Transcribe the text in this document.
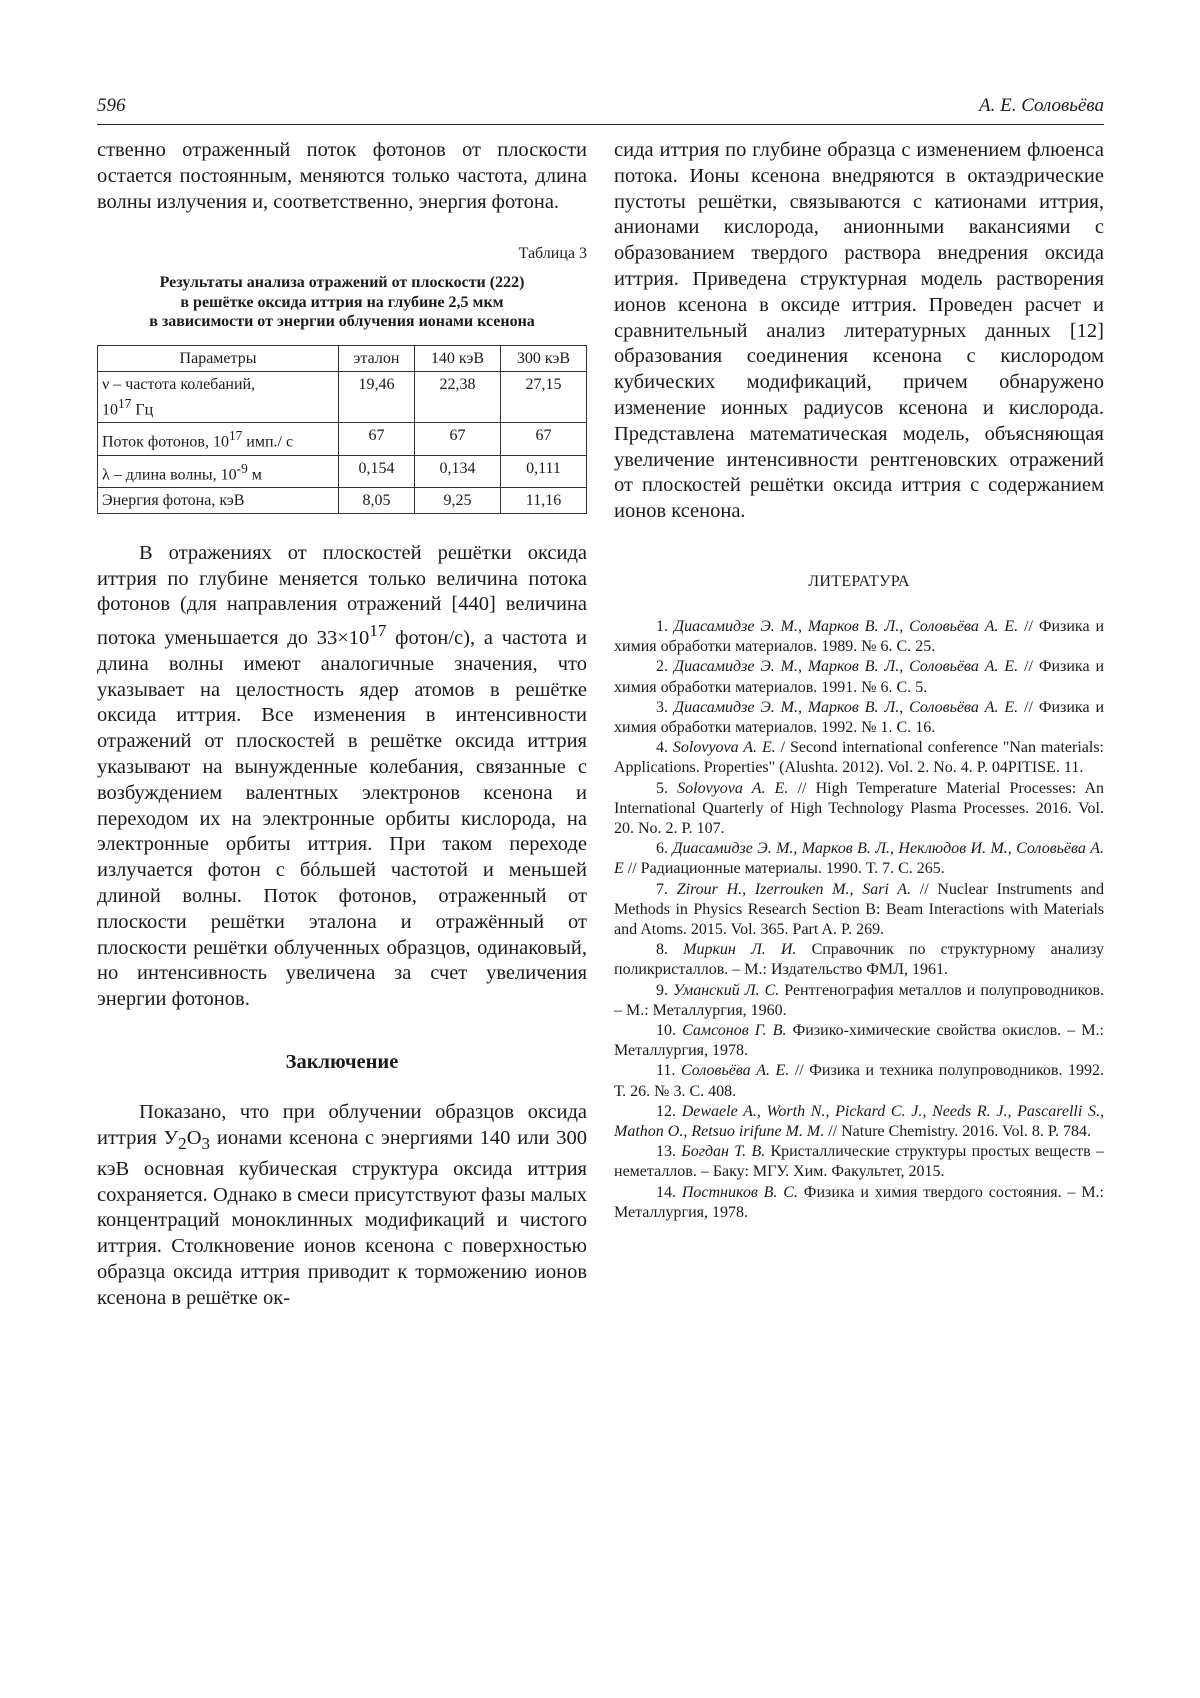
596	А. Е. Соловьёва

ственно отраженный поток фотонов от плоскости остается постоянным, меняются только частота, длина волны излучения и, соответственно, энергия фотона.

Таблица 3
Результаты анализа отражений от плоскости (222)
в решётке оксида иттрия на глубине 2,5 мкм
в зависимости от энергии облучения ионами ксенона
Параметры	эталон	140 кэВ	300 кэВ
ν – частота колебаний,
$10^{17}$ Гц	19,46	22,38	27,15
Поток фотонов, $10^{17}$ имп./ с	67	67	67
λ – длина волны, $10^{-9}$ м	0,154	0,134	0,111
Энергия фотона, кэВ	8,05	9,25	11,16

В отражениях от плоскостей решётки оксида иттрия по глубине меняется только величина потока фотонов (для направления отражений [440] величина потока уменьшается до $33\times 10^{17}$ фотон/с), а частота и длина волны имеют аналогичные значения, что указывает на целостность ядер атомов в решётке оксида иттрия. Все изменения в интенсивности отражений от плоскостей в решётке оксида иттрия указывают на вынужденные колебания, связанные с возбуждением валентных электронов ксенона и переходом их на электронные орбиты кислорода, на электронные орбиты иттрия. При таком переходе излучается фотон с бóльшей частотой и меньшей длиной волны. Поток фотонов, отраженный от плоскости решётки эталона и отражённый от плоскости решётки облученных образцов, одинаковый, но интенсивность увеличена за счет увеличения энергии фотонов.

Заключение

Показано, что при облучении образцов оксида иттрия $У_2О_3$ ионами ксенона с энергиями 140 или 300 кэВ основная кубическая структура оксида иттрия сохраняется. Однако в смеси присутствуют фазы малых концентраций моноклинных модификаций и чистого иттрия. Столкновение ионов ксенона с поверхностью образца оксида иттрия приводит к торможению ионов ксенона в решётке ок-

сида иттрия по глубине образца с изменением флюенса потока. Ионы ксенона внедряются в октаэдрические пустоты решётки, связываются с катионами иттрия, анионами кислорода, анионными вакансиями с образованием твердого раствора внедрения оксида иттрия. Приведена структурная модель растворения ионов ксенона в оксиде иттрия. Проведен расчет и сравнительный анализ литературных данных [12] образования соединения ксенона с кислородом кубических модификаций, причем обнаружено изменение ионных радиусов ксенона и кислорода. Представлена математическая модель, объясняющая увеличение интенсивности рентгеновских отражений от плоскостей решётки оксида иттрия с содержанием ионов ксенона.

ЛИТЕРАТУРА

1. Диасамидзе Э. М., Марков В. Л., Соловьёва А. Е. // Физика и химия обработки материалов. 1989. № 6. С. 25.

2. Диасамидзе Э. М., Марков В. Л., Соловьёва А. Е. // Физика и химия обработки материалов. 1991. № 6. С. 5.

3. Диасамидзе Э. М., Марков В. Л., Соловьёва А. Е. // Физика и химия обработки материалов. 1992. № 1. С. 16.

4. Solovyova A. E. / Second international conference "Nan materials: Applications. Properties" (Alushta. 2012). Vol. 2. No. 4. P. 04PITISE. 11.

5. Solovyova A. E. // High Temperature Material Processes: An International Quarterly of High Technology Plasma Processes. 2016. Vol. 20. No. 2. P. 107.

6. Диасамидзе Э. М., Марков В. Л., Неклюдов И. М., Соловьёва А. Е // Радиационные материалы. 1990. Т. 7. С. 265.

7. Zirour H., Izerrouken M., Sari A. // Nuclear Instruments and Methods in Physics Research Section B: Beam Interactions with Materials and Atoms. 2015. Vol. 365. Part A. P. 269.

8. Миркин Л. И. Справочник по структурному анализу поликристаллов. – М.: Издательство ФМЛ, 1961.

9. Уманский Л. С. Рентгенография металлов и полупроводников. – М.: Металлургия, 1960.

10. Самсонов Г. В. Физико-химические свойства окислов. – М.: Металлургия, 1978.

11. Соловьёва А. Е. // Физика и техника полупроводников. 1992. Т. 26. № 3. С. 408.

12. Dewaele A., Worth N., Pickard C. J., Needs R. J., Pascarelli S., Mathon O., Retsuo irifune M. M. // Nature Chemistry. 2016. Vol. 8. P. 784.

13. Богдан Т. В. Кристаллические структуры простых веществ – неметаллов. – Баку: МГУ. Хим. Факультет, 2015.

14. Постников В. С. Физика и химия твердого состояния. – М.: Металлургия, 1978.
